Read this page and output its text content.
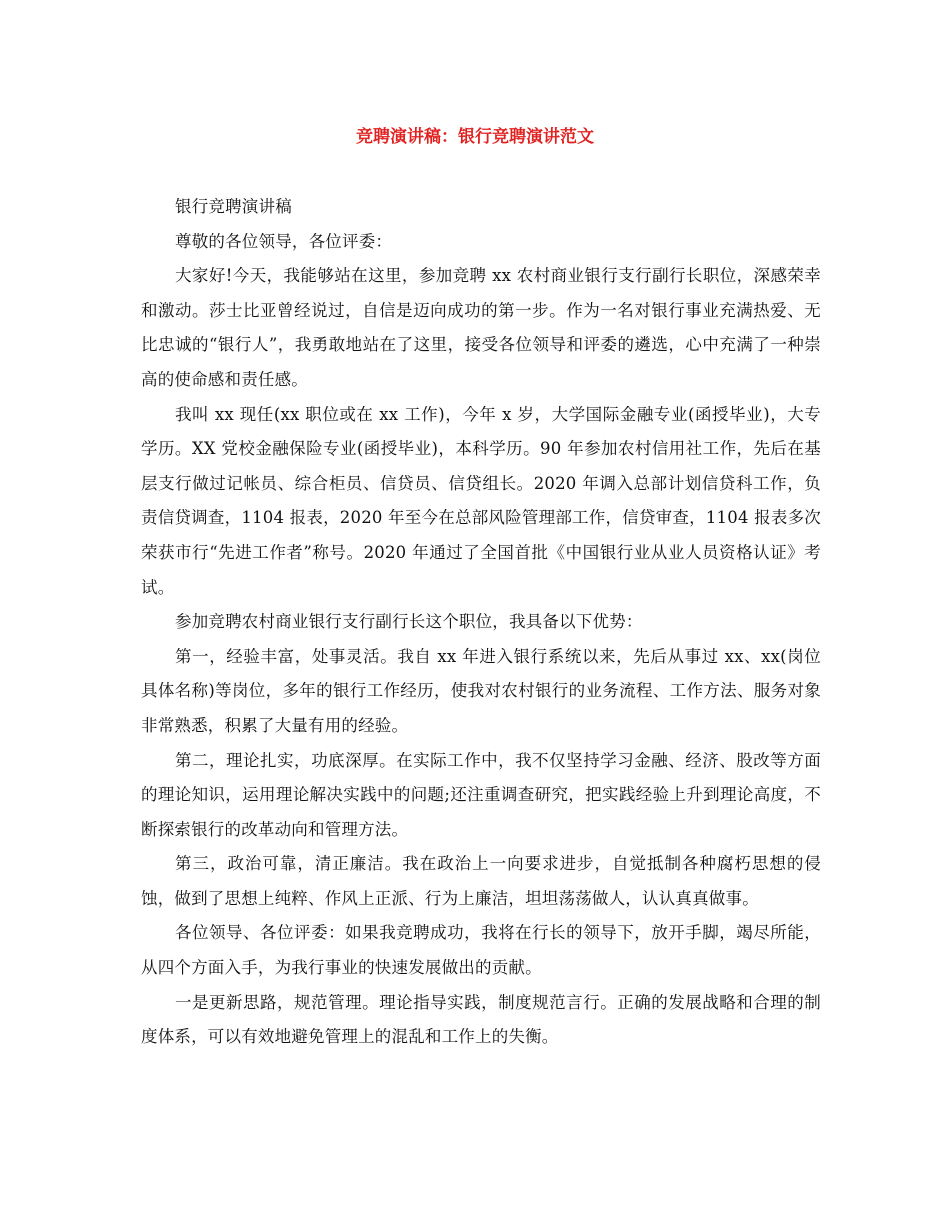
竞聘演讲稿：银行竞聘演讲范文

银行竞聘演讲稿

尊敬的各位领导，各位评委：

大家好!今天，我能够站在这里，参加竞聘 xx 农村商业银行支行副行长职位，深感荣幸和激动。莎士比亚曾经说过，自信是迈向成功的第一步。作为一名对银行事业充满热爱、无比忠诚的“银行人”，我勇敢地站在了这里，接受各位领导和评委的遴选，心中充满了一种崇高的使命感和责任感。

我叫 xx 现任(xx 职位或在 xx 工作)，今年 x 岁，大学国际金融专业(函授毕业)，大专学历。XX 党校金融保险专业(函授毕业)，本科学历。90 年参加农村信用社工作，先后在基层支行做过记帐员、综合柜员、信贷员、信贷组长。2020 年调入总部计划信贷科工作，负责信贷调查，1104 报表，2020 年至今在总部风险管理部工作，信贷审查，1104 报表多次荣获市行“先进工作者”称号。2020 年通过了全国首批《中国银行业从业人员资格认证》考试。

参加竞聘农村商业银行支行副行长这个职位，我具备以下优势：

第一，经验丰富，处事灵活。我自 xx 年进入银行系统以来，先后从事过 xx、xx(岗位具体名称)等岗位，多年的银行工作经历，使我对农村银行的业务流程、工作方法、服务对象非常熟悉，积累了大量有用的经验。

第二，理论扎实，功底深厚。在实际工作中，我不仅坚持学习金融、经济、股改等方面的理论知识，运用理论解决实践中的问题;还注重调查研究，把实践经验上升到理论高度，不断探索银行的改革动向和管理方法。

第三，政治可靠，清正廉洁。我在政治上一向要求进步，自觉抵制各种腐朽思想的侵蚀，做到了思想上纯粹、作风上正派、行为上廉洁，坦坦荡荡做人，认认真真做事。

各位领导、各位评委：如果我竞聘成功，我将在行长的领导下，放开手脚，竭尽所能，从四个方面入手，为我行事业的快速发展做出的贡献。

一是更新思路，规范管理。理论指导实践，制度规范言行。正确的发展战略和合理的制度体系，可以有效地避免管理上的混乱和工作上的失衡。
